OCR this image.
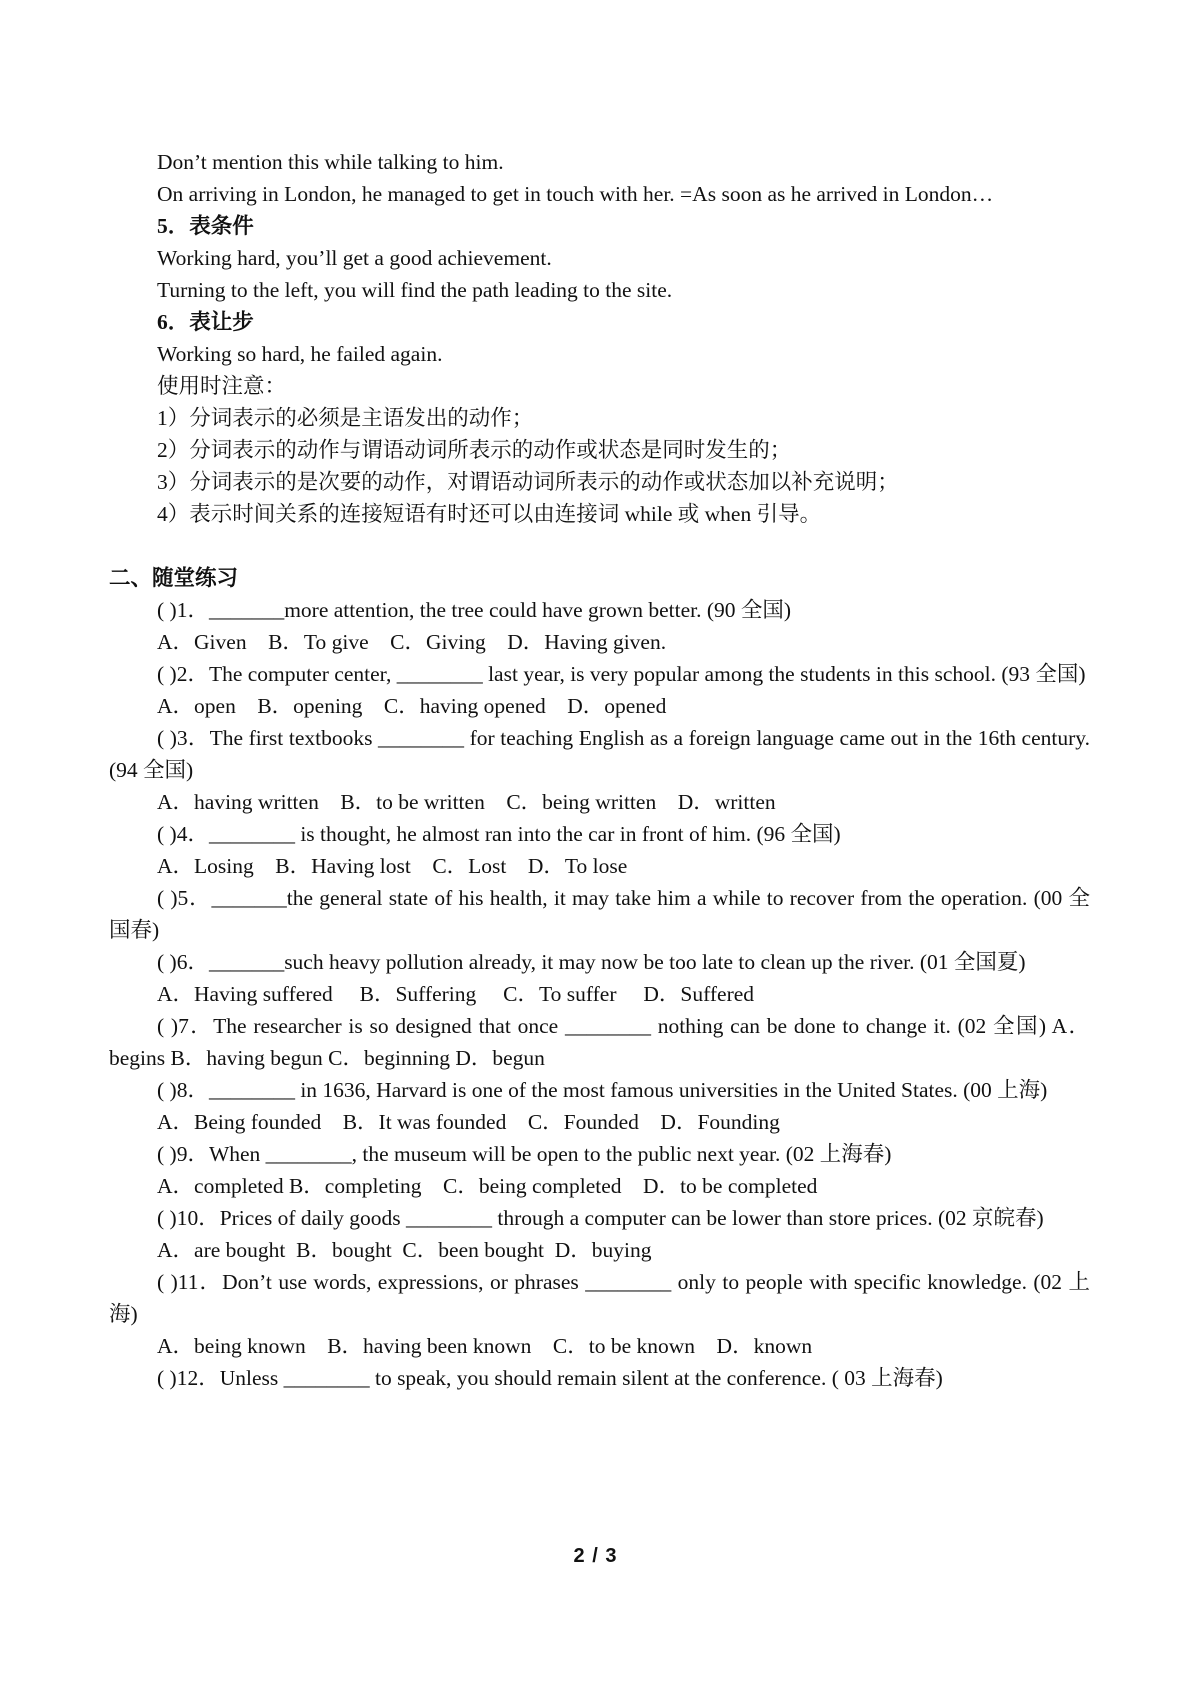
Don’t mention this while talking to him.

On arriving in London, he managed to get in touch with her. =As soon as he arrived in London…

5．表条件

Working hard, you’ll get a good achievement.

Turning to the left, you will find the path leading to the site.

6．表让步

Working so hard, he failed again.

使用时注意：

1）分词表示的必须是主语发出的动作；

2）分词表示的动作与谓语动词所表示的动作或状态是同时发生的；

3）分词表示的是次要的动作，对谓语动词所表示的动作或状态加以补充说明；

4）表示时间关系的连接短语有时还可以由连接词 while 或 when 引导。

二、随堂练习

( )1．_______more attention, the tree could have grown better. (90 全国)

A．Given    B．To give    C．Giving    D．Having given.

( )2．The computer center, ________ last year, is very popular among the students in this school. (93 全国)

A．open    B．opening    C．having opened    D．opened

( )3．The first textbooks ________ for teaching English as a foreign language came out in the 16th century. (94 全国)

A．having written    B．to be written    C．being written    D．written

( )4．________ is thought, he almost ran into the car in front of him. (96 全国)

A．Losing    B．Having lost    C．Lost    D．To lose

( )5．_______the general state of his health, it may take him a while to recover from the operation. (00 全国春)

( )6．_______such heavy pollution already, it may now be too late to clean up the river. (01 全国夏)

A．Having suffered     B．Suffering     C．To suffer     D．Suffered

( )7．The researcher is so designed that once ________ nothing can be done to change it. (02 全国) A．begins B．having begun C．beginning D．begun

( )8．________ in 1636, Harvard is one of the most famous universities in the United States. (00 上海)

A．Being founded    B．It was founded    C．Founded    D．Founding

( )9．When ________, the museum will be open to the public next year. (02 上海春)

A．completed B．completing    C．being completed    D．to be completed

( )10．Prices of daily goods ________ through a computer can be lower than store prices. (02 京皖春)

A．are bought  B．bought  C．been bought  D．buying

( )11．Don’t use words, expressions, or phrases ________ only to people with specific knowledge. (02 上海)

A．being known    B．having been known    C．to be known    D．known

( )12．Unless ________ to speak, you should remain silent at the conference. ( 03 上海春)

2 / 3
